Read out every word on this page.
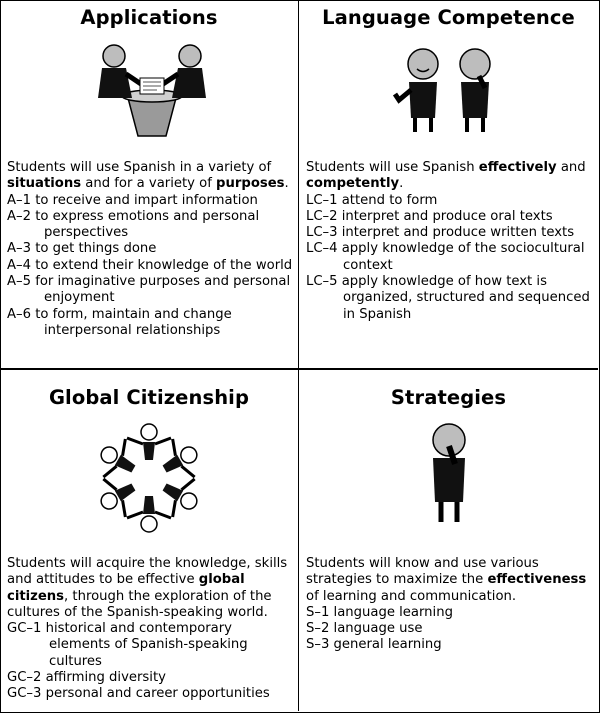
Applications

Students will use Spanish in a variety of situations and for a variety of purposes.

A–1 to receive and impart information

A–2 to express emotions and personal perspectives

A–3 to get things done

A–4 to extend their knowledge of the world

A–5 for imaginative purposes and personal enjoyment

A–6 to form, maintain and change interpersonal relationships

Language Competence

Students will use Spanish effectively and competently.

LC–1 attend to form

LC–2 interpret and produce oral texts

LC–3 interpret and produce written texts

LC–4 apply knowledge of the sociocultural context

LC–5 apply knowledge of how text is organized, structured and sequenced in Spanish

Global Citizenship

Students will acquire the knowledge, skills and attitudes to be effective global citizens, through the exploration of the cultures of the Spanish-speaking world.

GC–1 historical and contemporary elements of Spanish-speaking cultures

GC–2 affirming diversity

GC–3 personal and career opportunities

Strategies

Students will know and use various strategies to maximize the effectiveness of learning and communication.

S–1 language learning

S–2 language use

S–3 general learning
